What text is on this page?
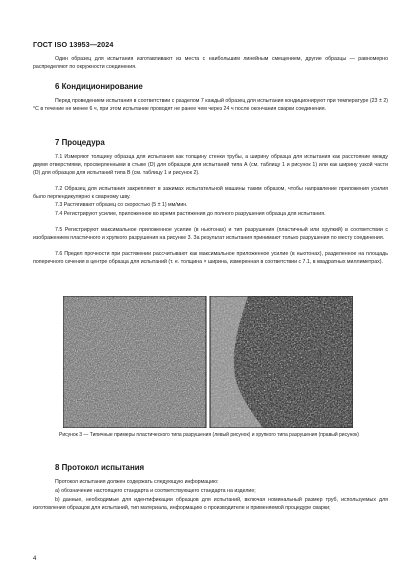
ГОСТ ISO 13953—2024

Один образец для испытания изготавливают из места с наибольшим линейным смещением, другие образцы — равномерно распределяют по окружности соединения.

6 Кондиционирование

Перед проведением испытания в соответствии с разделом 7 каждый образец для испытания кондиционируют при температуре (23 ± 2) °С в течение не менее 6 ч, при этом испытание проводят не ранее чем через 24 ч после окончания сварки соединения.

7 Процедура

7.1 Измеряют толщину образца для испытания как толщину стенки трубы, а ширину образца для испытания как расстояние между двумя отверстиями, просверленными в стыке (D) для образцов для испытаний типа А (см. таблицу 1 и рисунок 1) или как ширину узкой части (D) для образцов для испытаний типа В (см. таблицу 1 и рисунок 2).

7.2 Образец для испытания закрепляют в зажимах испытательной машины таким образом, чтобы направление приложения усилия было перпендикулярно к сварному шву.

7.3 Растягивают образец со скоростью (5 ± 1) мм/мин.

7.4 Регистрируют усилие, приложенное во время растяжения до полного разрушения образца для испытания.

7.5 Регистрируют максимальное приложенное усилие (в ньютонах) и тип разрушения (пластичный или хрупкий) в соответствии с изображением пластичного и хрупкого разрушения на рисунке 3. За результат испытания принимают только разрушения по месту соединения.

7.6 Предел прочности при растяжении рассчитывают как максимальное приложенное усилие (в ньютонах), разделенное на площадь поперечного сечения в центре образца для испытаний (т. е. толщина × ширина, измеренная в соответствии с 7.1, в квадратных миллиметрах).

Рисунок 3 — Типичные примеры пластического типа разрушения (левый рисунок) и хрупкого типа разрушения (правый рисунок)

8 Протокол испытания

Протокол испытания должен содержать следующую информацию:

а) обозначение настоящего стандарта и соответствующего стандарта на изделие;

b) данные, необходимые для идентификации образцов для испытаний, включая номинальный размер труб, используемых для изготовления образцов для испытаний, тип материала, информацию о производителе и применяемой процедуре сварки;

4
